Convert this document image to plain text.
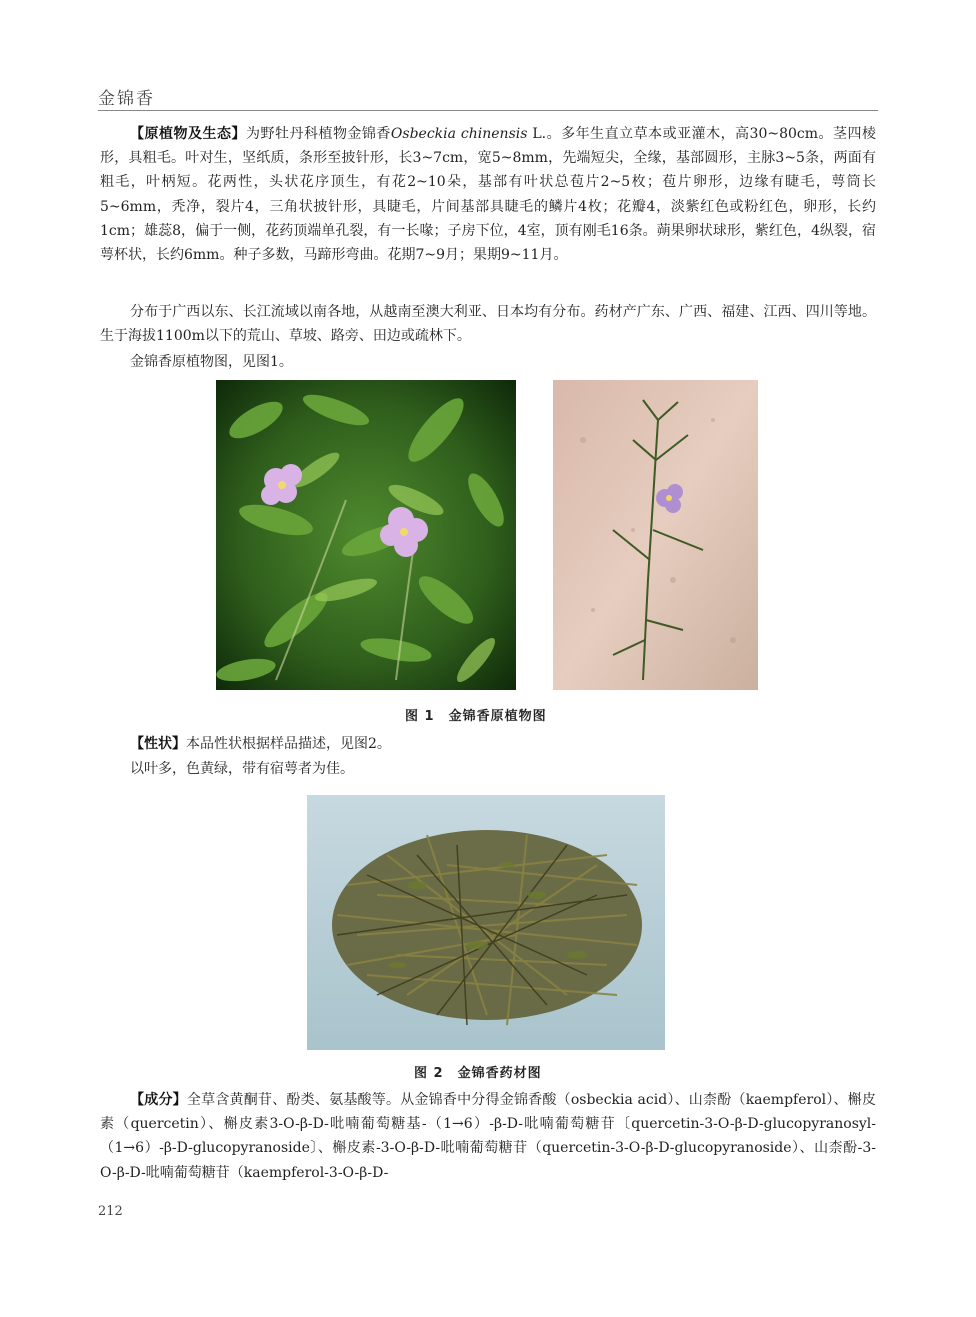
金锦香

【原植物及生态】为野牡丹科植物金锦香Osbeckia chinensis L.。多年生直立草本或亚灌木，高30~80cm。茎四棱形，具粗毛。叶对生，坚纸质，条形至披针形，长3~7cm，宽5~8mm，先端短尖，全缘，基部圆形，主脉3~5条，两面有粗毛，叶柄短。花两性，头状花序顶生，有花2~10朵，基部有叶状总苞片2~5枚；苞片卵形，边缘有睫毛，萼筒长5~6mm，秃净，裂片4，三角状披针形，具睫毛，片间基部具睫毛的鳞片4枚；花瓣4，淡紫红色或粉红色，卵形，长约1cm；雄蕊8，偏于一侧，花药顶端单孔裂，有一长喙；子房下位，4室，顶有刚毛16条。蒴果卵状球形，紫红色，4纵裂，宿萼杯状，长约6mm。种子多数，马蹄形弯曲。花期7~9月；果期9~11月。

分布于广西以东、长江流域以南各地，从越南至澳大利亚、日本均有分布。药材产广东、广西、福建、江西、四川等地。生于海拔1100m以下的荒山、草坡、路旁、田边或疏林下。

金锦香原植物图，见图1。

图 1　金锦香原植物图

【性状】本品性状根据样品描述，见图2。

以叶多，色黄绿，带有宿萼者为佳。

图 2　金锦香药材图

【成分】全草含黄酮苷、酚类、氨基酸等。从金锦香中分得金锦香酸（osbeckia acid）、山柰酚（kaempferol）、槲皮素（quercetin）、槲皮素3-O-β-D-吡喃葡萄糖基-（1→6）-β-D-吡喃葡萄糖苷〔quercetin-3-O-β-D-glucopyranosyl-（1→6）-β-D-glucopyranoside〕、槲皮素-3-O-β-D-吡喃葡萄糖苷（quercetin-3-O-β-D-glucopyranoside）、山柰酚-3-O-β-D-吡喃葡萄糖苷（kaempferol-3-O-β-D-

212
